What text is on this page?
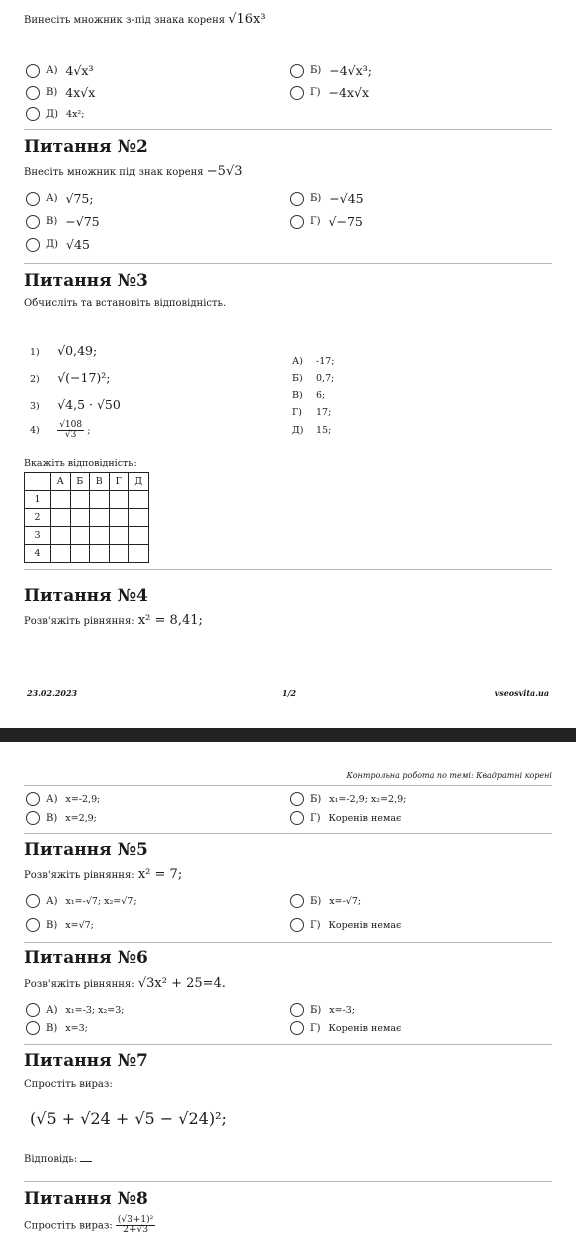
Винесіть множник з-під знака кореня √16x³
А) 4√x³	Б) −4√x³;
В) 4x√x	Г) −4x√x
Д) 4x²;
Питання №2
Внесіть множник під знак кореня −5√3
А) √75;	Б) −√45
В) −√75	Г) √−75
Д) √45
Питання №3
Обчисліть та встановіть відповідність.
1) √0,49;
2) √(−17)²;
3) √4,5 · √50
$4) \frac{√108}{√3}$ ;
А) -17;
Б) 0,7;
В) 6;
Г) 17;
Д) 15;
Вкажіть відповідність:
	А	Б	В	Г	Д
1					
2					
3					
4					
Питання №4
Розв'яжіть рівняння: x² = 8,41;
23.02.2023	1/2	vseosvita.ua
Контрольна робота по темі: Квадратні корені
А) x=-2,9;	Б) x₁=-2,9; x₂=2,9;
В) x=2,9;	Г) Коренів немає
Питання №5
Розв'яжіть рівняння: x² = 7;
А) x₁=-√7; x₂=√7;	Б) x=-√7;
В) x=√7;	Г) Коренів немає
Питання №6
Розв'яжіть рівняння: √3x² + 25=4.
А) x₁=-3; x₂=3;	Б) x=-3;
В) x=3;	Г) Коренів немає
Питання №7
Спростіть вираз:
(√5 + √24 + √5 − √24)²;
Відповідь:
Питання №8
Спростіть вираз: $\frac{\text{(√3+1)²}}{2+√3}$
